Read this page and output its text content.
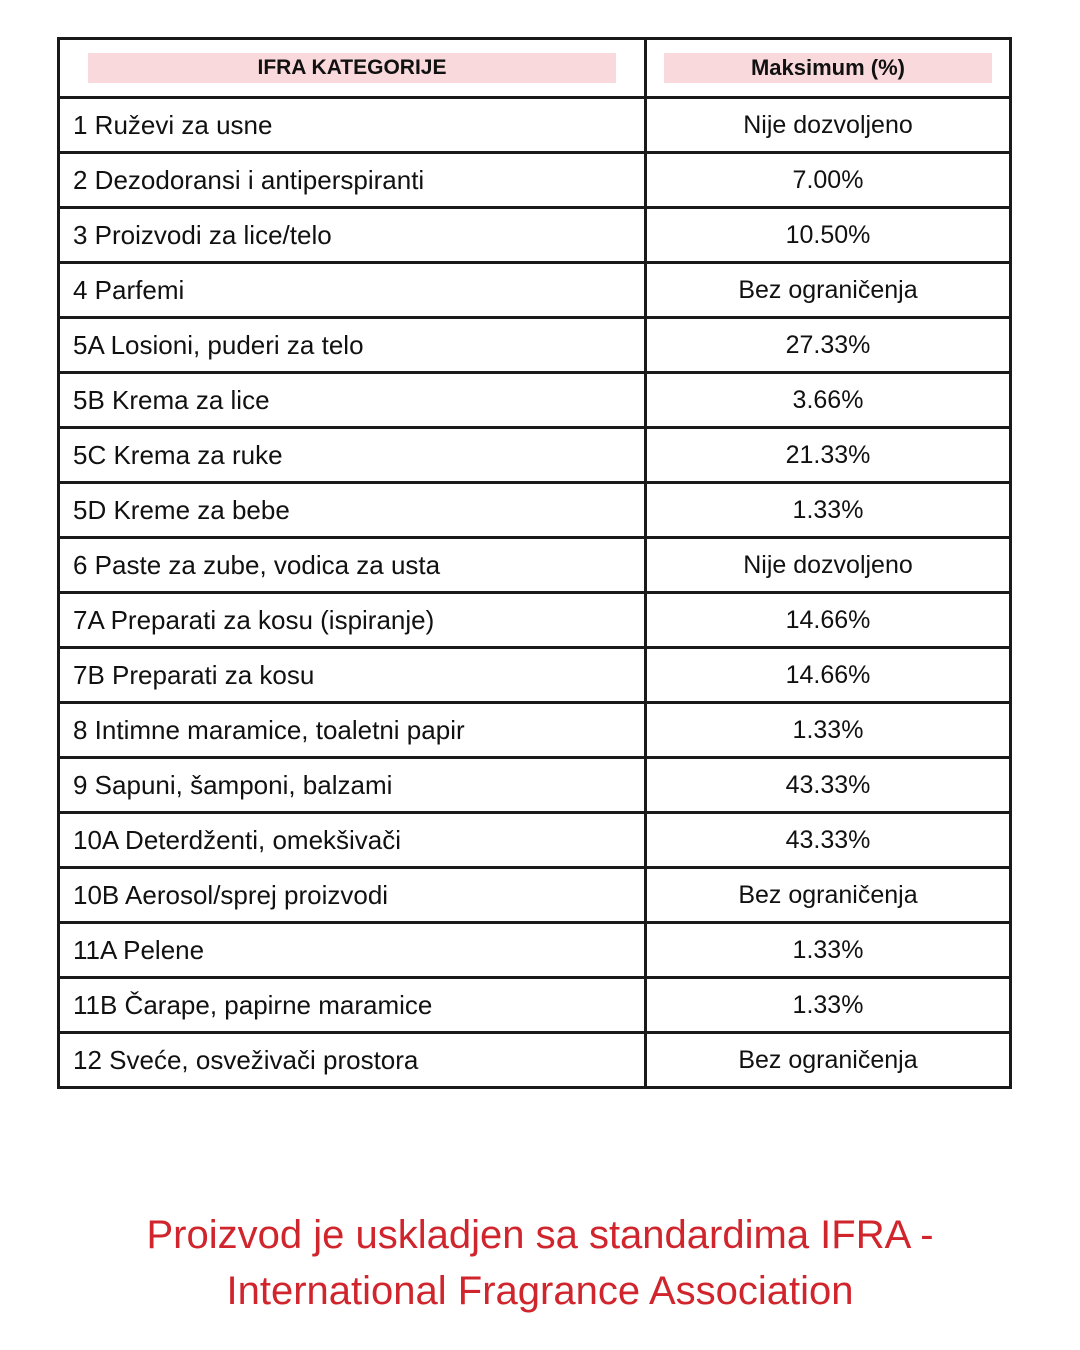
IFRA KATEGORIJE	Maksimum (%)
1 Ruževi za usne	Nije dozvoljeno
2 Dezodoransi i antiperspiranti	7.00%
3 Proizvodi za lice/telo	10.50%
4 Parfemi	Bez ograničenja
5A Losioni, puderi za telo	27.33%
5B Krema za lice	3.66%
5C Krema za ruke	21.33%
5D Kreme za bebe	1.33%
6 Paste za zube, vodica za usta	Nije dozvoljeno
7A Preparati za kosu (ispiranje)	14.66%
7B Preparati za kosu	14.66%
8 Intimne maramice, toaletni papir	1.33%
9 Sapuni, šamponi, balzami	43.33%
10A Deterdženti, omekšivači	43.33%
10B Aerosol/sprej proizvodi	Bez ograničenja
11A Pelene	1.33%
11B Čarape, papirne maramice	1.33%
12 Sveće, osveživači prostora	Bez ograničenja
Proizvod je uskladjen sa standardima IFRA -
International Fragrance Association
